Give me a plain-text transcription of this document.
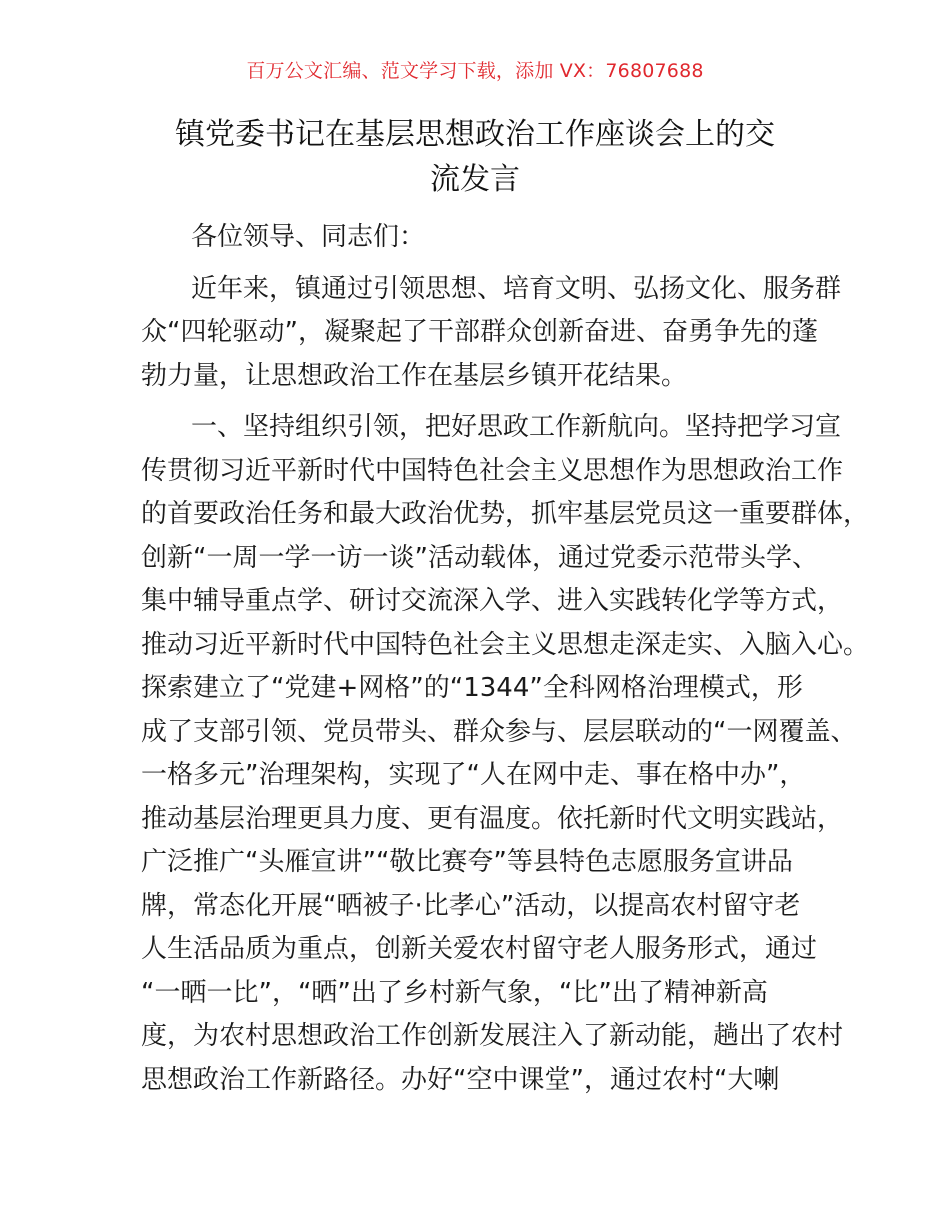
百万公文汇编、范文学习下载，添加 VX：76807688
镇党委书记在基层思想政治工作座谈会上的交
流发言
各位领导、同志们：
近年来，镇通过引领思想、培育文明、弘扬文化、服务群
众“四轮驱动”，凝聚起了干部群众创新奋进、奋勇争先的蓬
勃力量，让思想政治工作在基层乡镇开花结果。
一、坚持组织引领，把好思政工作新航向。坚持把学习宣
传贯彻习近平新时代中国特色社会主义思想作为思想政治工作
的首要政治任务和最大政治优势，抓牢基层党员这一重要群体，
创新“一周一学一访一谈”活动载体，通过党委示范带头学、
集中辅导重点学、研讨交流深入学、进入实践转化学等方式，
推动习近平新时代中国特色社会主义思想走深走实、入脑入心。
探索建立了“党建+网格”的“1344”全科网格治理模式，形
成了支部引领、党员带头、群众参与、层层联动的“一网覆盖、
一格多元”治理架构，实现了“人在网中走、事在格中办”，
推动基层治理更具力度、更有温度。依托新时代文明实践站，
广泛推广“头雁宣讲”“敬比赛夸”等县特色志愿服务宣讲品
牌，常态化开展“晒被子·比孝心”活动，以提高农村留守老
人生活品质为重点，创新关爱农村留守老人服务形式，通过
“一晒一比”，“晒”出了乡村新气象，“比”出了精神新高
度，为农村思想政治工作创新发展注入了新动能，趟出了农村
思想政治工作新路径。办好“空中课堂”，通过农村“大喇
